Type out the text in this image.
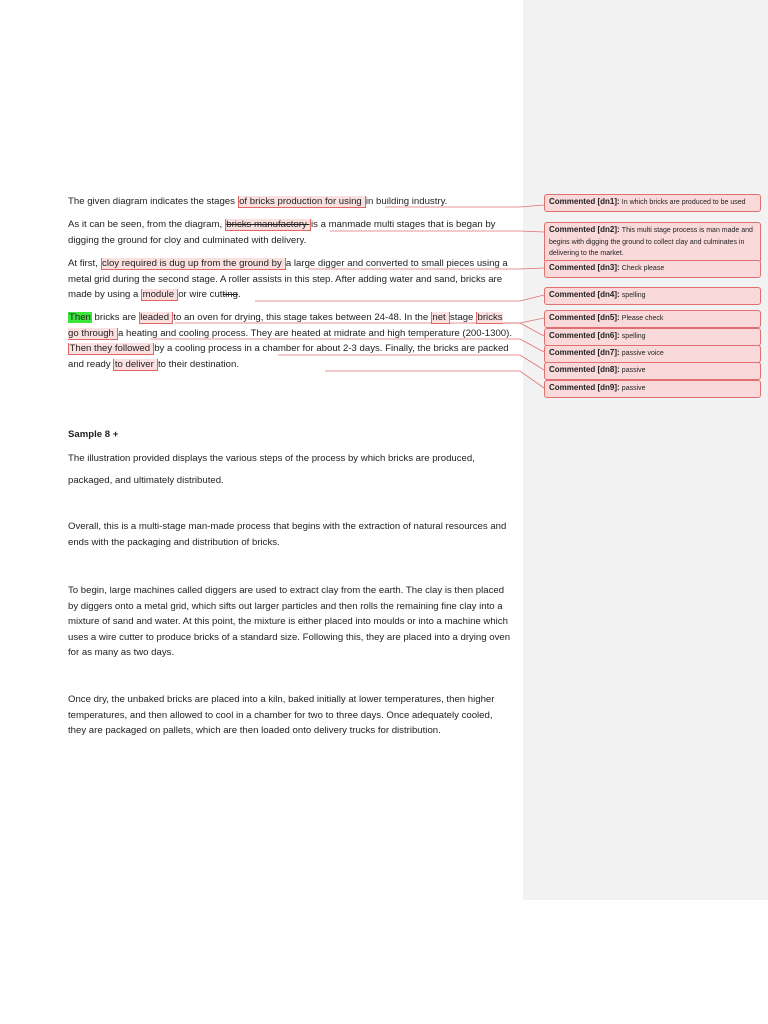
The given diagram indicates the stages of bricks production for using in building industry.

As it can be seen, from the diagram, bricks manufactory is a manmade multi stages that is began by digging the ground for cloy and culminated with delivery.

At first, cloy required is dug up from the ground by a large digger and converted to small pieces using a metal grid during the second stage. A roller assists in this step. After adding water and sand, bricks are made by using a module or wire cutting.

Then bricks are leaded to an oven for drying, this stage takes between 24-48. In the net stage bricks go through a heating and cooling process. They are heated at midrate and high temperature (200-1300). Then they followed by a cooling process in a chamber for about 2-3 days. Finally, the bricks are packed and ready to deliver to their destination.

Sample 8 +

The illustration provided displays the various steps of the process by which bricks are produced,

packaged, and ultimately distributed.

Overall, this is a multi-stage man-made process that begins with the extraction of natural resources and ends with the packaging and distribution of bricks.

To begin, large machines called diggers are used to extract clay from the earth. The clay is then placed by diggers onto a metal grid, which sifts out larger particles and then rolls the remaining fine clay into a mixture of sand and water. At this point, the mixture is either placed into moulds or into a machine which uses a wire cutter to produce bricks of a standard size. Following this, they are placed into a drying oven for as many as two days.

Once dry, the unbaked bricks are placed into a kiln, baked initially at lower temperatures, then higher temperatures, and then allowed to cool in a chamber for two to three days. Once adequately cooled, they are packaged on pallets, which are then loaded onto delivery trucks for distribution.

Commented [dn1]: In which bricks are produced to be used
Commented [dn2]: This multi stage process is man made and begins with digging the ground to collect clay and culminates in delivering to the market.
Commented [dn3]: Check please
Commented [dn4]: spelling
Commented [dn5]: Please check
Commented [dn6]: spelling
Commented [dn7]: passive voice
Commented [dn8]: passive
Commented [dn9]: passive
